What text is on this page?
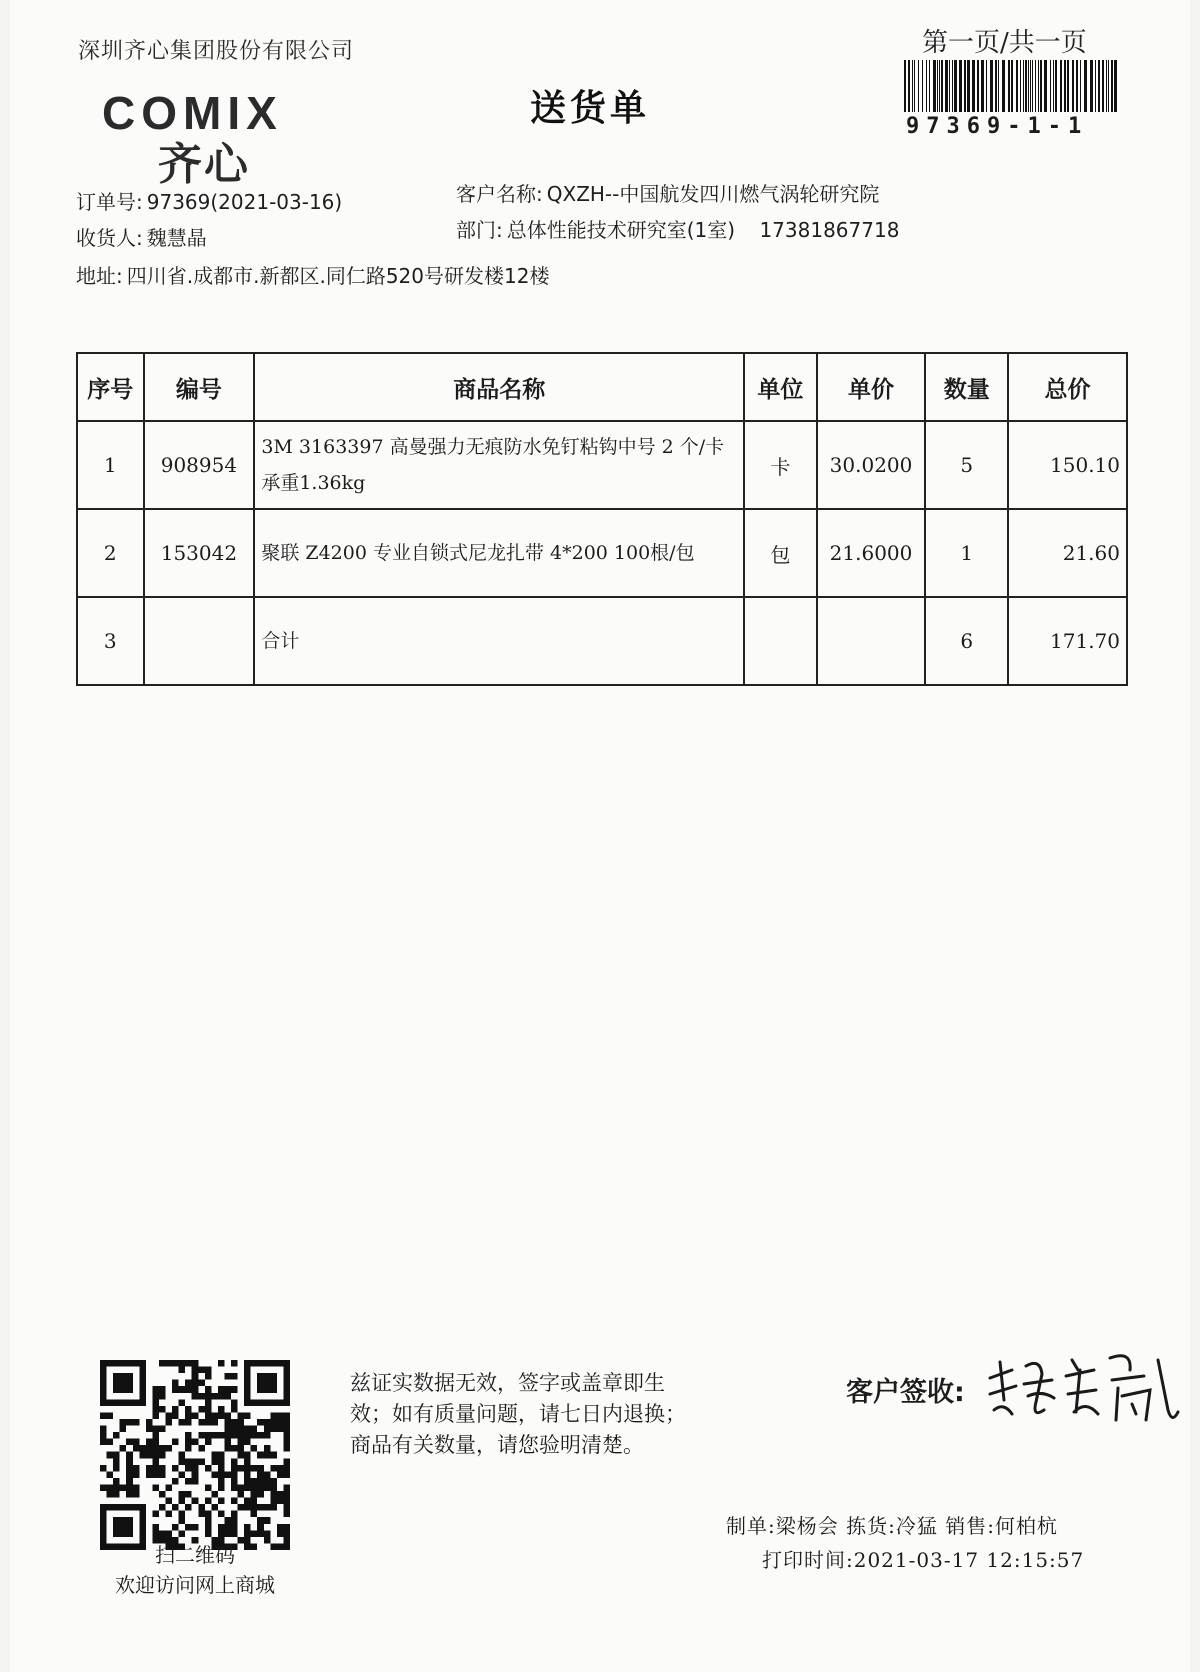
深圳齐心集团股份有限公司
COMIX
齐心
送货单
第一页/共一页
97369-1-1
订单号: 97369(2021-03-16)
收货人: 魏慧晶
地址: 四川省.成都市.新都区.同仁路520号研发楼12楼
客户名称: QXZH--中国航发四川燃气涡轮研究院
部门: 总体性能技术研究室(1室) 17381867718
序号	编号	商品名称	单位	单价	数量	总价
1	908954	3M 3163397 高曼强力无痕防水免钉粘钩中号 2 个/卡 承重1.36kg	卡	30.0200	5	150.10
2	153042	聚联 Z4200 专业自锁式尼龙扎带 4*200 100根/包	包	21.6000	1	21.60
3		合计			6	171.70
扫二维码
欢迎访问网上商城
兹证实数据无效，签字或盖章即生
效；如有质量问题，请七日内退换；
商品有关数量，请您验明清楚。
客户签收:
制单:梁杨会 拣货:冷猛 销售:何柏杭
打印时间:2021-03-17 12:15:57
